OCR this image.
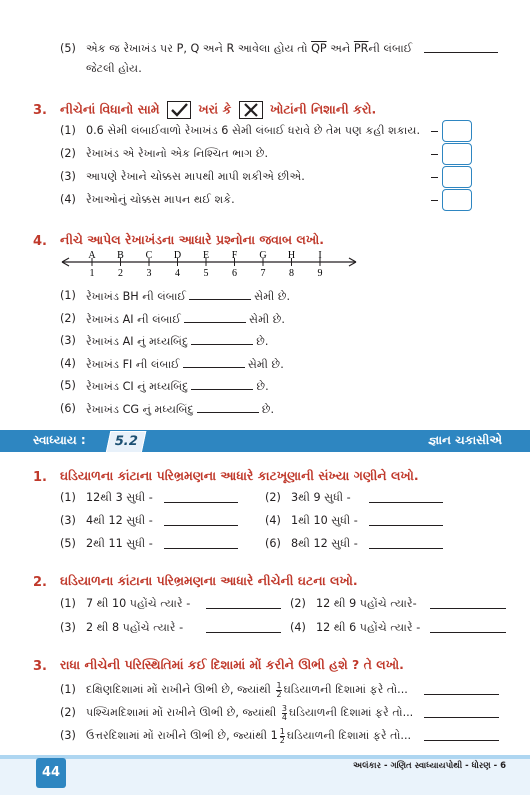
(5) એક જ રેખાખંડ પર P, Q અને R આવેલા હોય તો $\overline{QP}$ અને $\overline{PR}ની$ લંબાઈ
જેટલી હોય.
3. નીચેનાં વિધાનો સામે	ખરાં કે	ખોટાંની નિશાની કરો.
(1) 0.6 સેમી લંબાઈવાળો રેખાખંડ 6 સેમી લંબાઈ ધરાવે છે તેમ પણ કહી શકાય.
(2) રેખાખંડ એ રેખાનો એક નિશ્ચિત ભાગ છે.
(3) આપણે રેખાને ચોક્કસ માપથી માપી શકીએ છીએ.
(4) રેખાઓનું ચોક્કસ માપન થઈ શકે.
4. નીચે આપેલ રેખાખંડના આધારે પ્રશ્નોના જવાબ લખો.
A
1
B
2
C
3
D
4
E
5
F
6
G
7
H
8
I
9
(1) રેખાખંડ BH ની લંબાઈ	સેમી છે.
(2) રેખાખંડ AI ની લંબાઈ	સેમી છે.
(3) રેખાખંડ AI નું મધ્યબિંદુ	છે.
(4) રેખાખંડ FI ની લંબાઈ	સેમી છે.
(5) રેખાખંડ CI નું મધ્યબિંદુ	છે.
(6) રેખાખંડ CG નું મધ્યબિંદુ	છે.
સ્વાધ્યાય :	5.2	જ્ઞાન ચકાસીએ
1. ઘડિયાળના કાંટાના પરિભ્રમણના આધારે કાટખૂણાની સંખ્યા ગણીને લખો.
(1) 12થી 3 સુધી -	(2) 3થી 9 સુધી -
(3) 4થી 12 સુધી -	(4) 1થી 10 સુધી -
(5) 2થી 11 સુધી -	(6) 8થી 12 સુધી -
2. ઘડિયાળના કાંટાના પરિભ્રમણના આધારે નીચેની ઘટના લખો.
(1) 7 થી 10 પહોંચે ત્યારે -	(2) 12 થી 9 પહોંચે ત્યારે-
(3) 2 થી 8 પહોંચે ત્યારે -	(4) 12 થી 6 પહોંચે ત્યારે -
3. રાધા નીચેની પરિસ્થિતિમાં કઈ દિશામાં મોં કરીને ઊભી હશે ? તે લખો.
(1) દક્ષિણદિશામાં મોં રાખીને ઊભી છે, જ્યાંથી $\frac{1}{2}$ ઘડિયાળની દિશામાં ફરે તો...
(2) પશ્ચિમદિશામાં મોં રાખીને ઊભી છે, જ્યાંથી $\frac{3}{4}$ ઘડિયાળની દિશામાં ફરે તો...
(3) ઉત્તરદિશામાં મોં રાખીને ઊભી છે, જ્યાંથી $1 \frac{1}{2}$ ઘડિયાળની દિશામાં ફરે તો...
44	અલંકાર - ગણિત સ્વાધ્યાયપોથી - ધોરણ - 6
